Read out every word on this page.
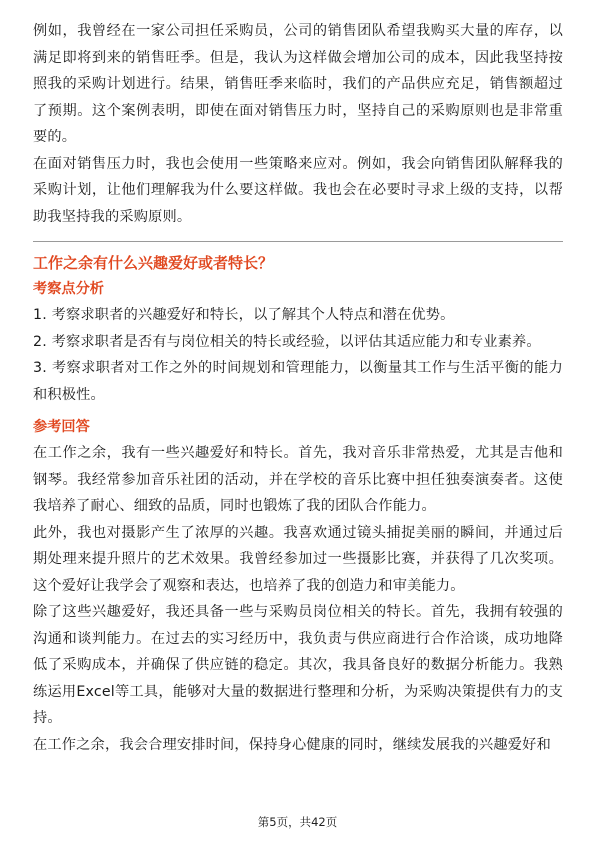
例如，我曾经在一家公司担任采购员，公司的销售团队希望我购买大量的库存，以满足即将到来的销售旺季。但是，我认为这样做会增加公司的成本，因此我坚持按照我的采购计划进行。结果，销售旺季来临时，我们的产品供应充足，销售额超过了预期。这个案例表明，即使在面对销售压力时，坚持自己的采购原则也是非常重要的。

在面对销售压力时，我也会使用一些策略来应对。例如，我会向销售团队解释我的采购计划，让他们理解我为什么要这样做。我也会在必要时寻求上级的支持，以帮助我坚持我的采购原则。

工作之余有什么兴趣爱好或者特长？

考察点分析

1. 考察求职者的兴趣爱好和特长，以了解其个人特点和潜在优势。

2. 考察求职者是否有与岗位相关的特长或经验，以评估其适应能力和专业素养。

3. 考察求职者对工作之外的时间规划和管理能力，以衡量其工作与生活平衡的能力和积极性。

参考回答

在工作之余，我有一些兴趣爱好和特长。首先，我对音乐非常热爱，尤其是吉他和钢琴。我经常参加音乐社团的活动，并在学校的音乐比赛中担任独奏演奏者。这使我培养了耐心、细致的品质，同时也锻炼了我的团队合作能力。

此外，我也对摄影产生了浓厚的兴趣。我喜欢通过镜头捕捉美丽的瞬间，并通过后期处理来提升照片的艺术效果。我曾经参加过一些摄影比赛，并获得了几次奖项。这个爱好让我学会了观察和表达，也培养了我的创造力和审美能力。

除了这些兴趣爱好，我还具备一些与采购员岗位相关的特长。首先，我拥有较强的沟通和谈判能力。在过去的实习经历中，我负责与供应商进行合作洽谈，成功地降低了采购成本，并确保了供应链的稳定。其次，我具备良好的数据分析能力。我熟练运用Excel等工具，能够对大量的数据进行整理和分析，为采购决策提供有力的支持。

在工作之余，我会合理安排时间，保持身心健康的同时，继续发展我的兴趣爱好和

第5页，共42页
